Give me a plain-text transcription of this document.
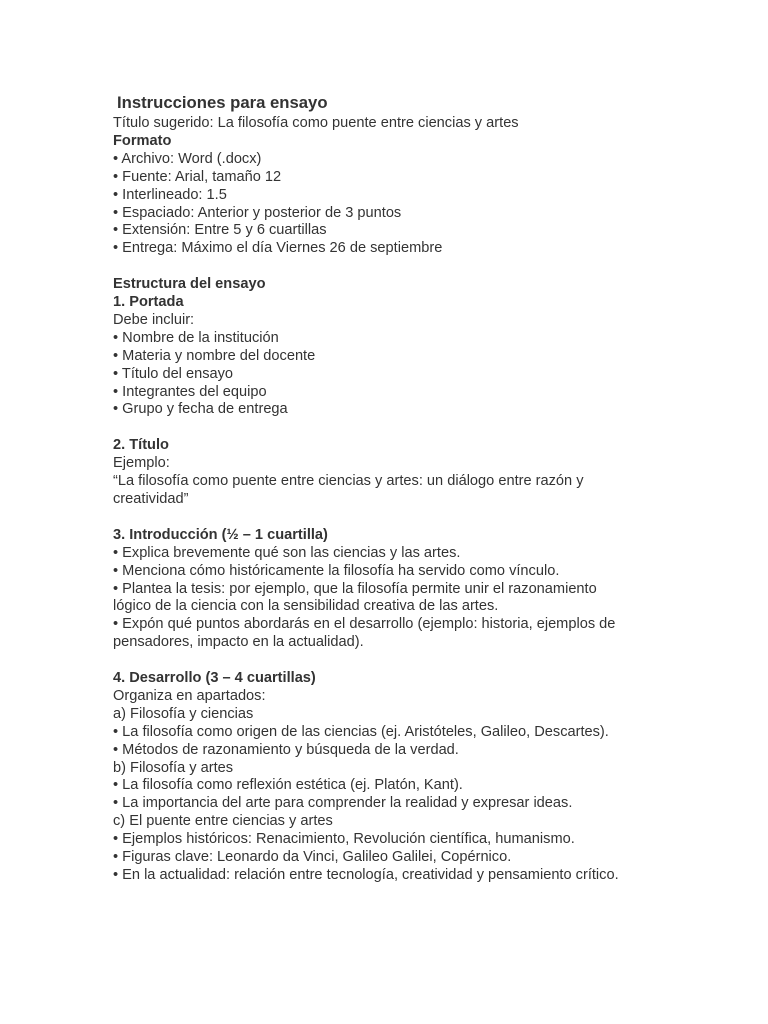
Instrucciones para ensayo
Título sugerido: La filosofía como puente entre ciencias y artes
Formato
• Archivo: Word (.docx)
• Fuente: Arial, tamaño 12
• Interlineado: 1.5
• Espaciado: Anterior y posterior de 3 puntos
• Extensión: Entre 5 y 6 cuartillas
• Entrega: Máximo el día Viernes 26 de septiembre
Estructura del ensayo
1. Portada
Debe incluir:
• Nombre de la institución
• Materia y nombre del docente
• Título del ensayo
• Integrantes del equipo
• Grupo y fecha de entrega
2. Título
Ejemplo:
“La filosofía como puente entre ciencias y artes: un diálogo entre razón y
creatividad”
3. Introducción (½ – 1 cuartilla)
• Explica brevemente qué son las ciencias y las artes.
• Menciona cómo históricamente la filosofía ha servido como vínculo.
• Plantea la tesis: por ejemplo, que la filosofía permite unir el razonamiento
lógico de la ciencia con la sensibilidad creativa de las artes.
• Expón qué puntos abordarás en el desarrollo (ejemplo: historia, ejemplos de
pensadores, impacto en la actualidad).
4. Desarrollo (3 – 4 cuartillas)
Organiza en apartados:
a) Filosofía y ciencias
• La filosofía como origen de las ciencias (ej. Aristóteles, Galileo, Descartes).
• Métodos de razonamiento y búsqueda de la verdad.
b) Filosofía y artes
• La filosofía como reflexión estética (ej. Platón, Kant).
• La importancia del arte para comprender la realidad y expresar ideas.
c) El puente entre ciencias y artes
• Ejemplos históricos: Renacimiento, Revolución científica, humanismo.
• Figuras clave: Leonardo da Vinci, Galileo Galilei, Copérnico.
• En la actualidad: relación entre tecnología, creatividad y pensamiento crítico.
